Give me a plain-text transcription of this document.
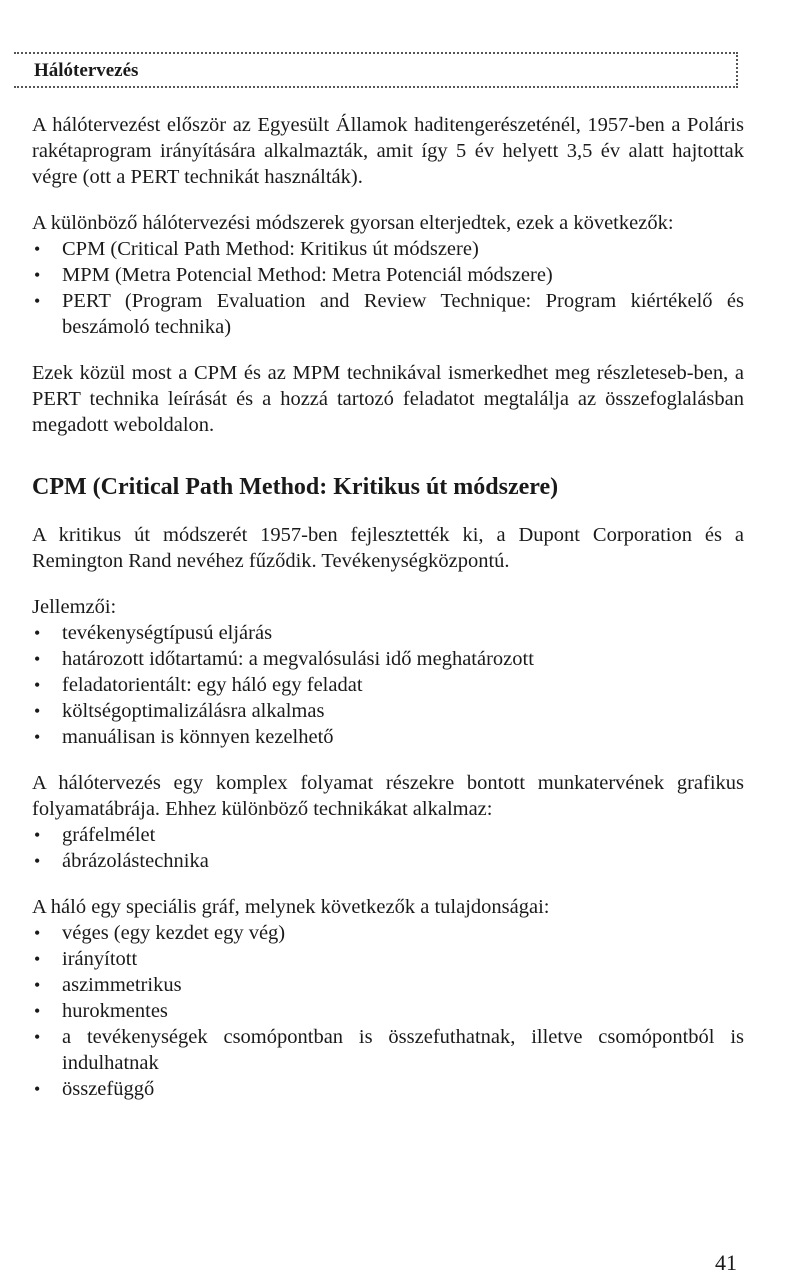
Hálótervezés

A hálótervezést először az Egyesült Államok haditengerészeténél, 1957-ben a Poláris rakétaprogram irányítására alkalmazták, amit így 5 év helyett 3,5 év alatt hajtottak végre (ott a PERT technikát használták).

A különböző hálótervezési módszerek gyorsan elterjedtek, ezek a következők:

• CPM (Critical Path Method: Kritikus út módszere)
• MPM (Metra Potencial Method: Metra Potenciál módszere)
• PERT (Program Evaluation and Review Technique: Program kiértékelő és beszámoló technika)

Ezek közül most a CPM és az MPM technikával ismerkedhet meg részleteseb-ben, a PERT technika leírását és a hozzá tartozó feladatot megtalálja az összefoglalásban megadott weboldalon.

CPM (Critical Path Method: Kritikus út módszere)

A kritikus út módszerét 1957-ben fejlesztették ki, a Dupont Corporation és a Remington Rand nevéhez fűződik. Tevékenységközpontú.

Jellemzői:

• tevékenységtípusú eljárás
• határozott időtartamú: a megvalósulási idő meghatározott
• feladatorientált: egy háló egy feladat
• költségoptimalizálásra alkalmas
• manuálisan is könnyen kezelhető

A hálótervezés egy komplex folyamat részekre bontott munkatervének grafikus folyamatábrája. Ehhez különböző technikákat alkalmaz:

• gráfelmélet
• ábrázolástechnika

A háló egy speciális gráf, melynek következők a tulajdonságai:

• véges (egy kezdet egy vég)
• irányított
• aszimmetrikus
• hurokmentes
• a tevékenységek csomópontban is összefuthatnak, illetve csomópontból is indulhatnak
• összefüggő
41
